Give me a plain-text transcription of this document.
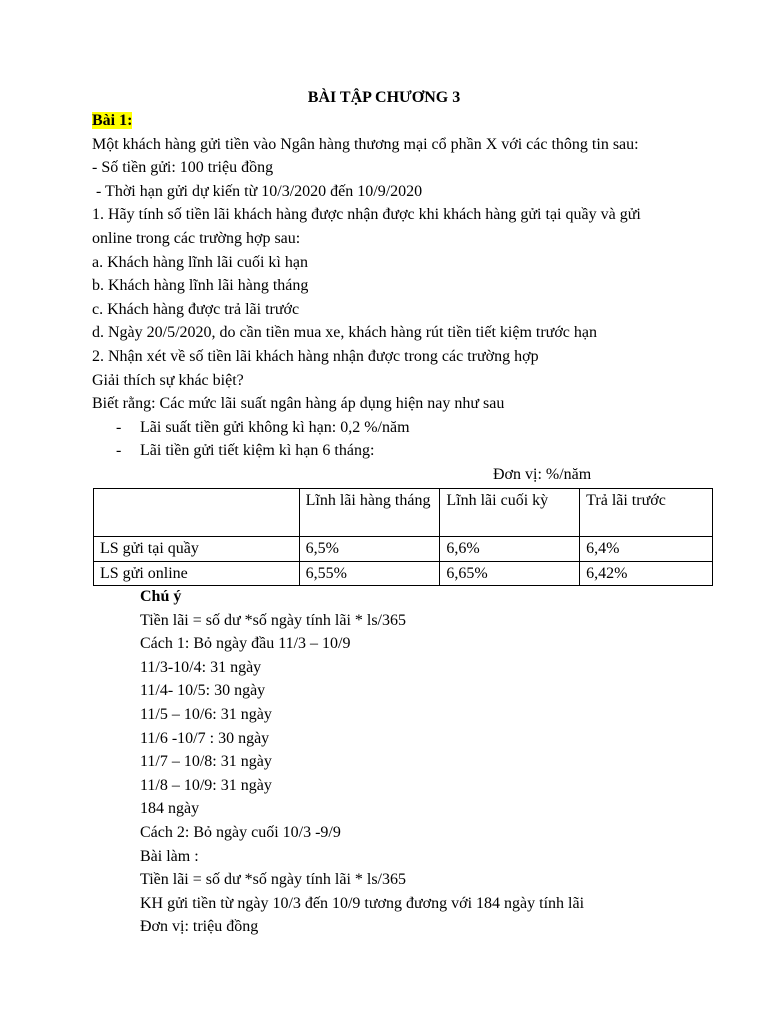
BÀI TẬP CHƯƠNG 3
Bài 1:
Một khách hàng gửi tiền vào Ngân hàng thương mại cổ phần X với các thông tin sau:
- Số tiền gửi: 100 triệu đồng
- Thời hạn gửi dự kiến từ 10/3/2020 đến 10/9/2020
1. Hãy tính số tiền lãi khách hàng được nhận được khi khách hàng gửi tại quầy và gửi
online trong các trường hợp sau:
a. Khách hàng lĩnh lãi cuối kì hạn
b. Khách hàng lĩnh lãi hàng tháng
c. Khách hàng được trả lãi trước
d. Ngày 20/5/2020, do cần tiền mua xe, khách hàng rút tiền tiết kiệm trước hạn
2. Nhận xét về số tiền lãi khách hàng nhận được trong các trường hợp
Giải thích sự khác biệt?
Biết rằng: Các mức lãi suất ngân hàng áp dụng hiện nay như sau
- Lãi suất tiền gửi không kì hạn: 0,2 %/năm
- Lãi tiền gửi tiết kiệm kì hạn 6 tháng:
Đơn vị: %/năm
	Lĩnh lãi hàng tháng	Lĩnh lãi cuối kỳ	Trả lãi trước
LS gửi tại quầy	6,5%	6,6%	6,4%
LS gửi online	6,55%	6,65%	6,42%
Chú ý
Tiền lãi = số dư *số ngày tính lãi * ls/365
Cách 1: Bỏ ngày đầu 11/3 – 10/9
11/3-10/4: 31 ngày
11/4- 10/5: 30 ngày
11/5 – 10/6: 31 ngày
11/6 -10/7 : 30 ngày
11/7 – 10/8: 31 ngày
11/8 – 10/9: 31 ngày
184 ngày
Cách 2: Bỏ ngày cuối 10/3 -9/9
Bài làm :
Tiền lãi = số dư *số ngày tính lãi * ls/365
KH gửi tiền từ ngày 10/3 đến 10/9 tương đương với 184 ngày tính lãi
Đơn vị: triệu đồng
